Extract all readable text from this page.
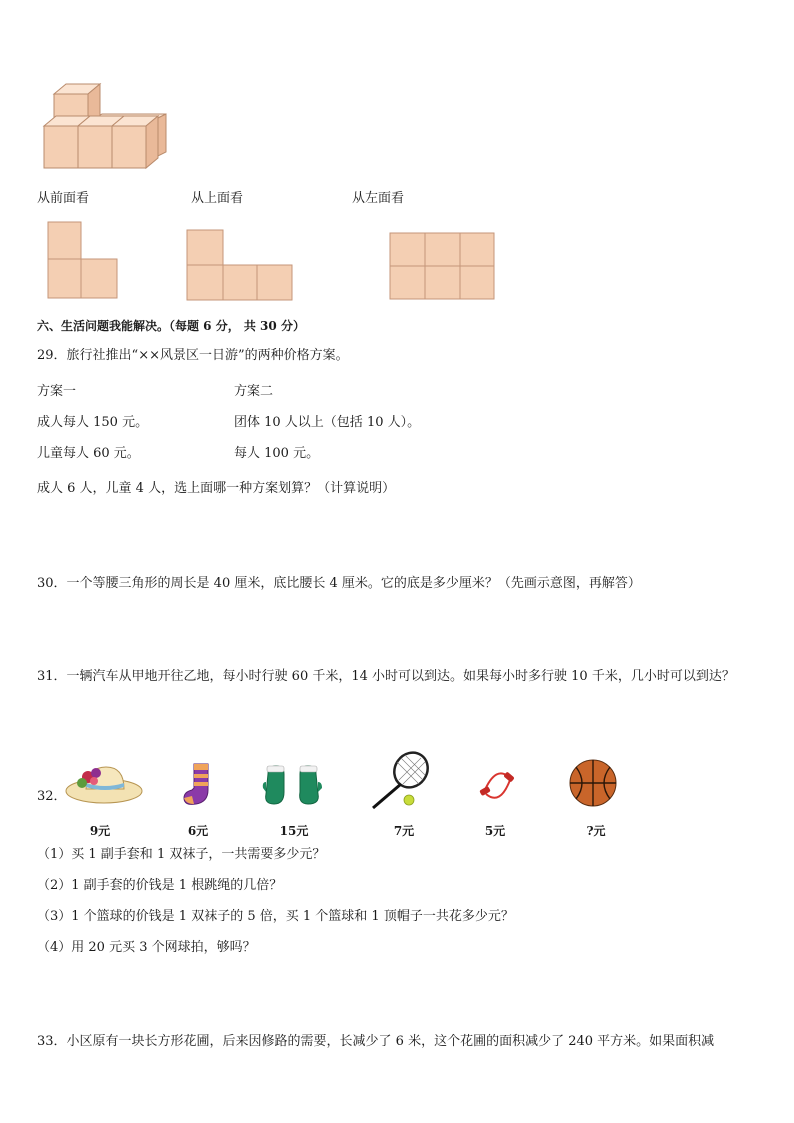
从前面看	从上面看	从左面看
六、生活问题我能解决。（每题 6 分， 共 30 分）
29．旅行社推出“××风景区一日游”的两种价格方案。
方案一	方案二
成人每人 150 元。	团体 10 人以上（包括 10 人）。
儿童每人 60 元。	每人 100 元。
成人 6 人，儿童 4 人，选上面哪一种方案划算？（计算说明）
30．一个等腰三角形的周长是 40 厘米，底比腰长 4 厘米。它的底是多少厘米？（先画示意图，再解答）
31．一辆汽车从甲地开往乙地，每小时行驶 60 千米，14 小时可以到达。如果每小时多行驶 10 千米，几小时可以到达？
32．
9元	6元	15元	7元	5元	?元
（1）买 1 副手套和 1 双袜子，一共需要多少元？
（2）1 副手套的价钱是 1 根跳绳的几倍？
（3）1 个篮球的价钱是 1 双袜子的 5 倍，买 1 个篮球和 1 顶帽子一共花多少元？
（4）用 20 元买 3 个网球拍，够吗？
33．小区原有一块长方形花圃，后来因修路的需要，长减少了 6 米，这个花圃的面积减少了 240 平方米。如果面积减
